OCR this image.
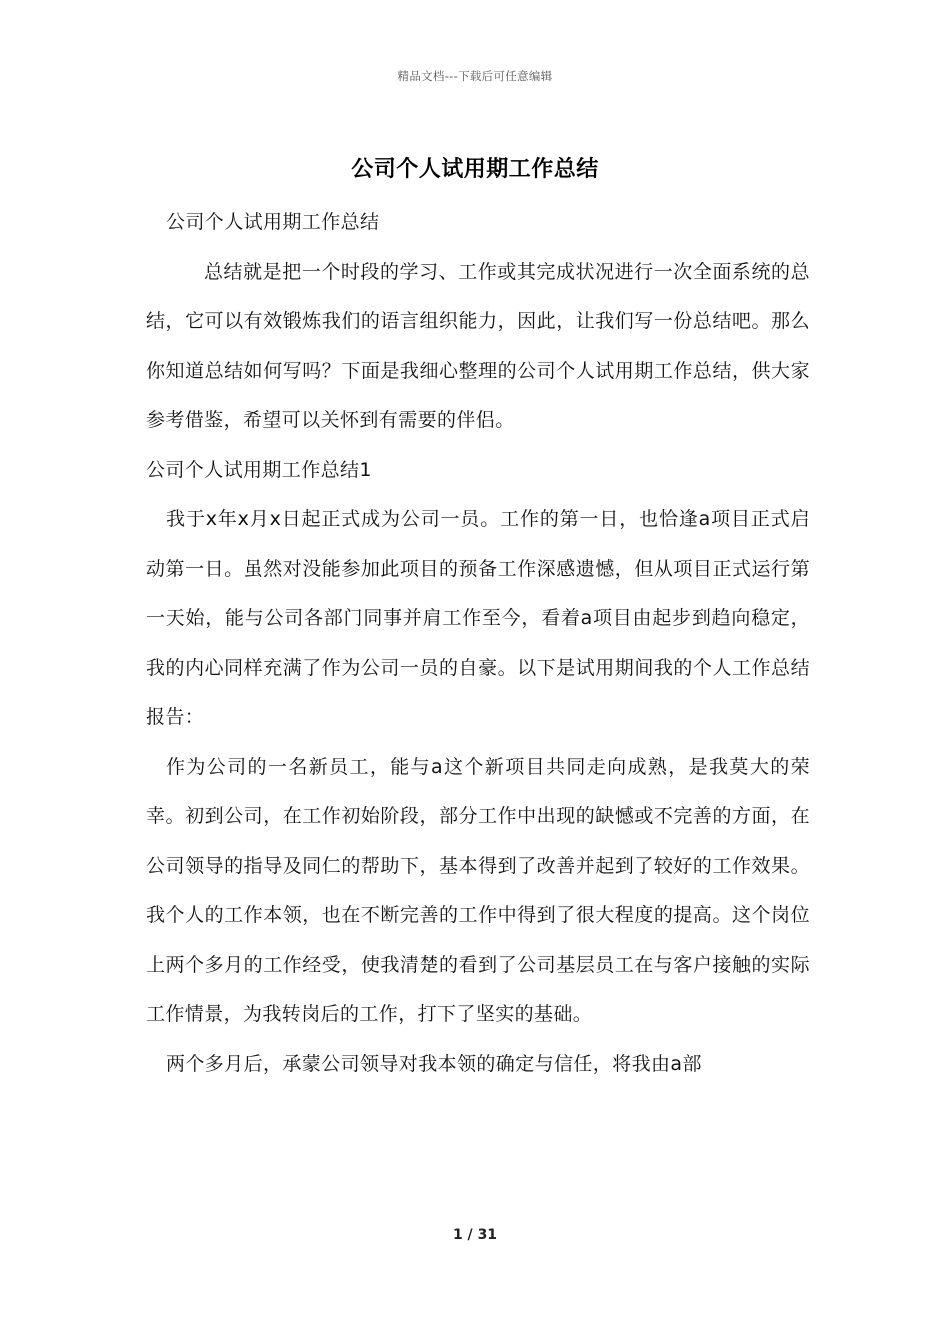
精品文档---下载后可任意编辑
公司个人试用期工作总结

公司个人试用期工作总结

总结就是把一个时段的学习、工作或其完成状况进行一次全面系统的总结，它可以有效锻炼我们的语言组织能力，因此，让我们写一份总结吧。那么你知道总结如何写吗？下面是我细心整理的公司个人试用期工作总结，供大家参考借鉴，希望可以关怀到有需要的伴侣。

公司个人试用期工作总结1

我于x年x月x日起正式成为公司一员。工作的第一日，也恰逢a项目正式启动第一日。虽然对没能参加此项目的预备工作深感遗憾，但从项目正式运行第一天始，能与公司各部门同事并肩工作至今，看着a项目由起步到趋向稳定，我的内心同样充满了作为公司一员的自豪。以下是试用期间我的个人工作总结报告：

作为公司的一名新员工，能与a这个新项目共同走向成熟，是我莫大的荣幸。初到公司，在工作初始阶段，部分工作中出现的缺憾或不完善的方面，在公司领导的指导及同仁的帮助下，基本得到了改善并起到了较好的工作效果。我个人的工作本领，也在不断完善的工作中得到了很大程度的提高。这个岗位上两个多月的工作经受，使我清楚的看到了公司基层员工在与客户接触的实际工作情景，为我转岗后的工作，打下了坚实的基础。

两个多月后，承蒙公司领导对我本领的确定与信任，将我由a部

1 / 31
